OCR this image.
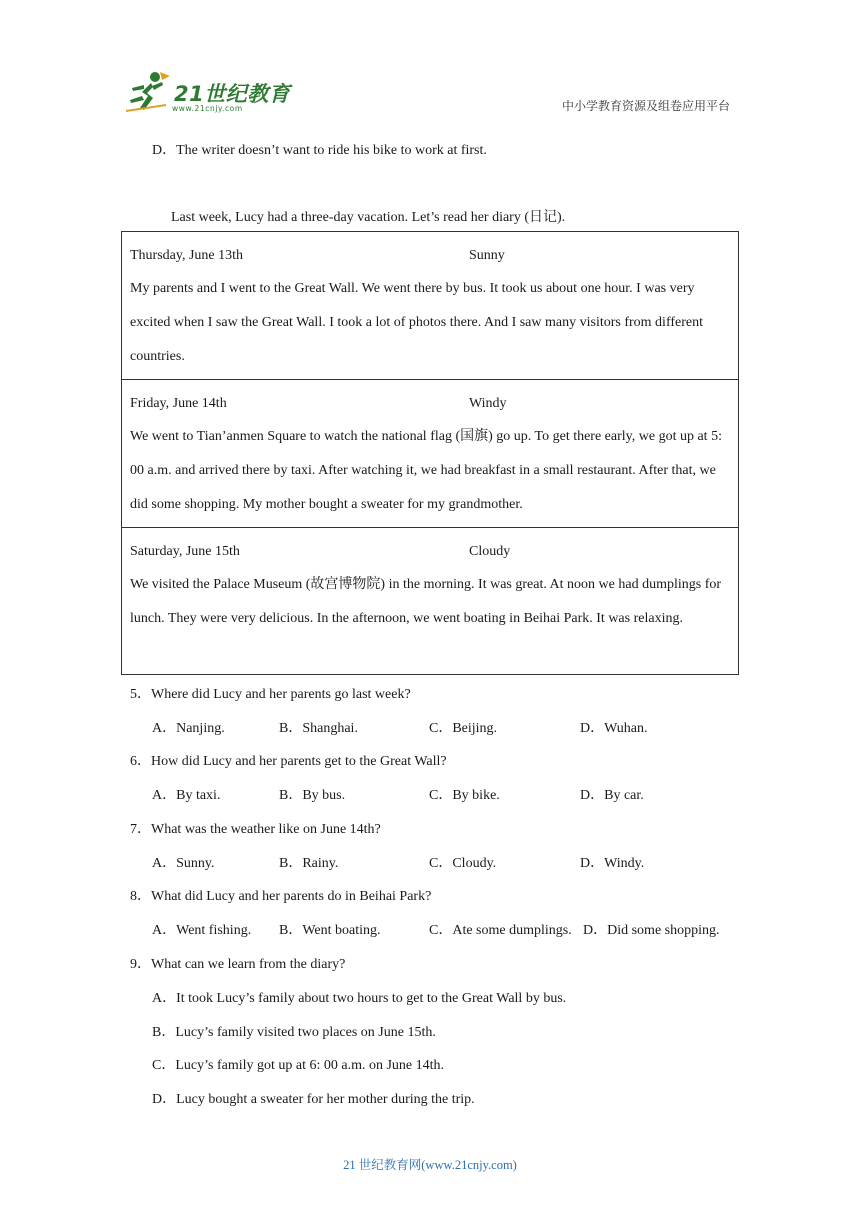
21世纪教育
www.21cnjy.com	中小学教育资源及组卷应用平台
D．The writer doesn’t want to ride his bike to work at first.
Last week, Lucy had a three-day vacation. Let’s read her diary (日记).
Thursday, June 13th	Sunny
My parents and I went to the Great Wall. We went there by bus. It took us about one hour. I was very excited when I saw the Great Wall. I took a lot of photos there. And I saw many visitors from different countries.
Friday, June 14th	Windy
We went to Tian’anmen Square to watch the national flag (国旗) go up. To get there early, we got up at 5: 00 a.m. and arrived there by taxi. After watching it, we had breakfast in a small restaurant. After that, we did some shopping. My mother bought a sweater for my grandmother.
Saturday, June 15th	Cloudy
We visited the Palace Museum (故宫博物院) in the morning. It was great. At noon we had dumplings for lunch. They were very delicious. In the afternoon, we went boating in Beihai Park. It was relaxing.
5．Where did Lucy and her parents go last week?
A．Nanjing.	B．Shanghai.	C．Beijing.	D．Wuhan.
6．How did Lucy and her parents get to the Great Wall?
A．By taxi.	B．By bus.	C．By bike.	D．By car.
7．What was the weather like on June 14th?
A．Sunny.	B．Rainy.	C．Cloudy.	D．Windy.
8．What did Lucy and her parents do in Beihai Park?
A．Went fishing. B．Went boating.	C．Ate some dumplings. D．Did some shopping.
9．What can we learn from the diary?
A．It took Lucy’s family about two hours to get to the Great Wall by bus.
B．Lucy’s family visited two places on June 15th.
C．Lucy’s family got up at 6: 00 a.m. on June 14th.
D．Lucy bought a sweater for her mother during the trip.
21 世纪教育网(www.21cnjy.com)
